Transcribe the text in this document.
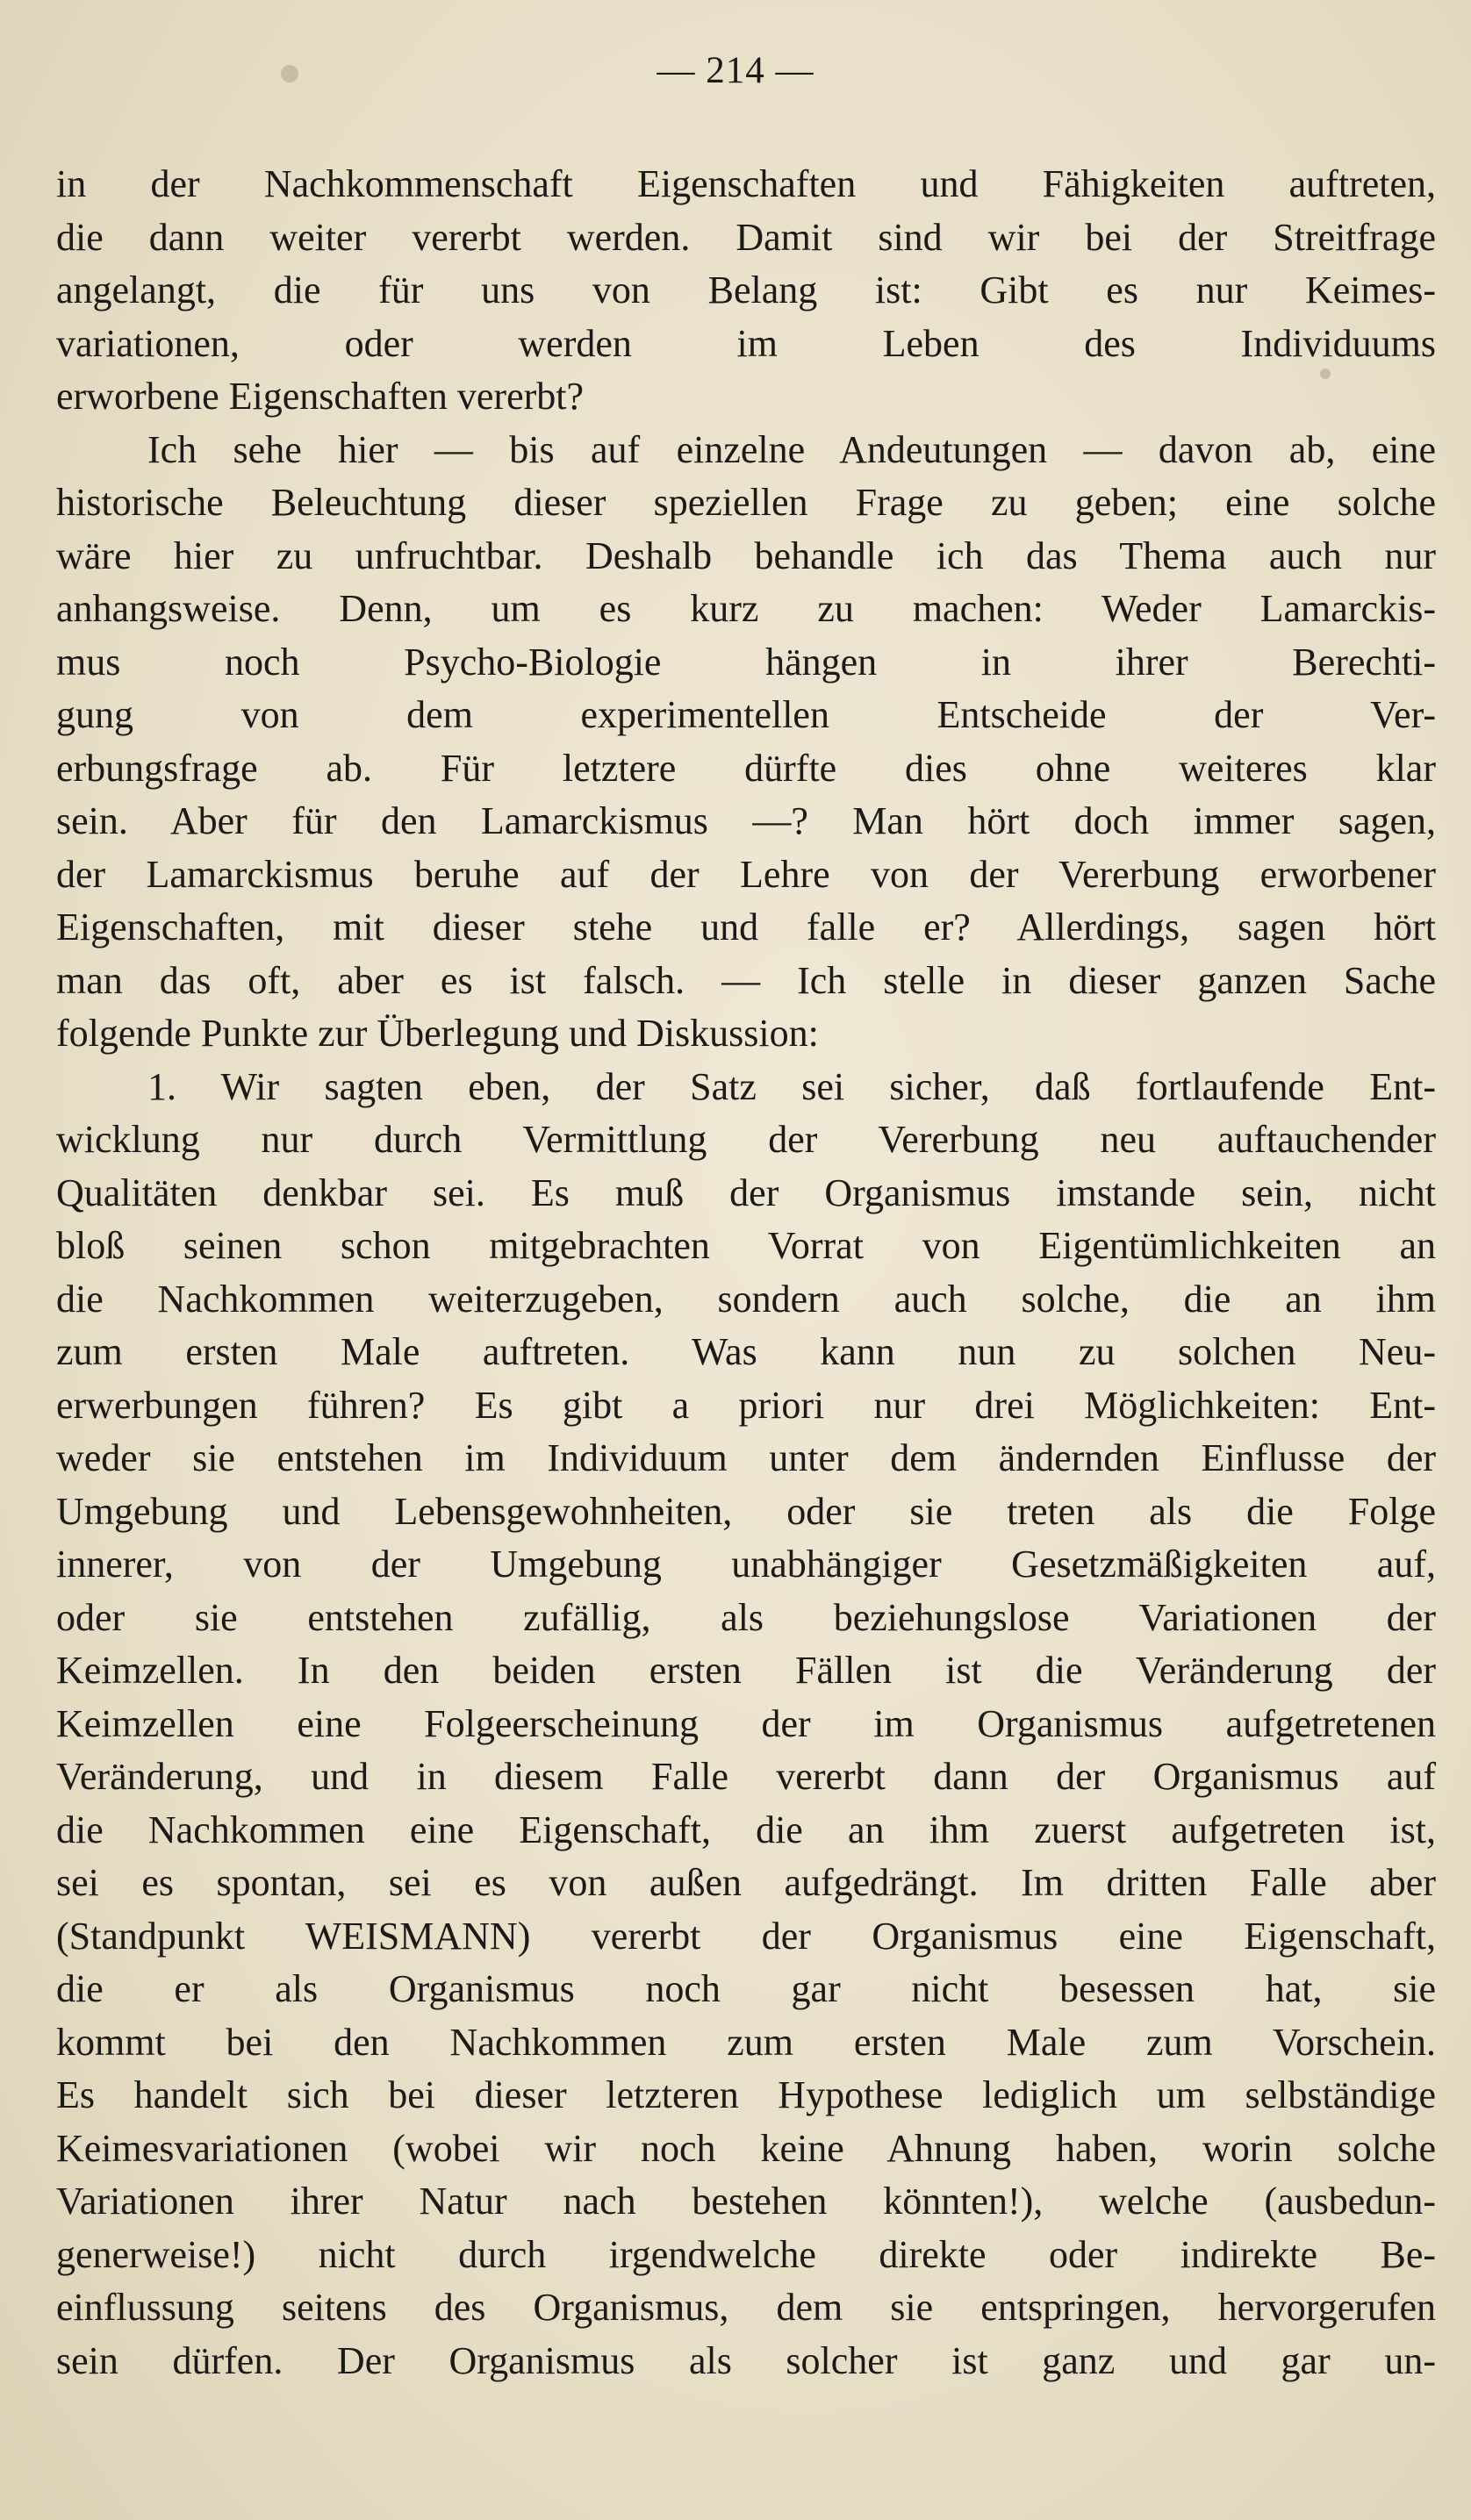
— 214 —
in der Nachkommenschaft Eigenschaften und Fähigkeiten auftreten,
die dann weiter vererbt werden. Damit sind wir bei der Streitfrage
angelangt, die für uns von Belang ist: Gibt es nur Keimes-
variationen, oder werden im Leben des Individuums
erworbene Eigenschaften vererbt?
Ich sehe hier — bis auf einzelne Andeutungen — davon ab, eine
historische Beleuchtung dieser speziellen Frage zu geben; eine solche
wäre hier zu unfruchtbar. Deshalb behandle ich das Thema auch nur
anhangsweise. Denn, um es kurz zu machen: Weder Lamarckis-
mus noch Psycho-Biologie hängen in ihrer Berechti-
gung von dem experimentellen Entscheide der Ver-
erbungsfrage ab. Für letztere dürfte dies ohne weiteres klar
sein. Aber für den Lamarckismus —? Man hört doch immer sagen,
der Lamarckismus beruhe auf der Lehre von der Vererbung erworbener
Eigenschaften, mit dieser stehe und falle er? Allerdings, sagen hört
man das oft, aber es ist falsch. — Ich stelle in dieser ganzen Sache
folgende Punkte zur Überlegung und Diskussion:
1. Wir sagten eben, der Satz sei sicher, daß fortlaufende Ent-
wicklung nur durch Vermittlung der Vererbung neu auftauchender
Qualitäten denkbar sei. Es muß der Organismus imstande sein, nicht
bloß seinen schon mitgebrachten Vorrat von Eigentümlichkeiten an
die Nachkommen weiterzugeben, sondern auch solche, die an ihm
zum ersten Male auftreten. Was kann nun zu solchen Neu-
erwerbungen führen? Es gibt a priori nur drei Möglichkeiten: Ent-
weder sie entstehen im Individuum unter dem ändernden Einflusse der
Umgebung und Lebensgewohnheiten, oder sie treten als die Folge
innerer, von der Umgebung unabhängiger Gesetzmäßigkeiten auf,
oder sie entstehen zufällig, als beziehungslose Variationen der
Keimzellen. In den beiden ersten Fällen ist die Veränderung der
Keimzellen eine Folgeerscheinung der im Organismus aufgetretenen
Veränderung, und in diesem Falle vererbt dann der Organismus auf
die Nachkommen eine Eigenschaft, die an ihm zuerst aufgetreten ist,
sei es spontan, sei es von außen aufgedrängt. Im dritten Falle aber
(Standpunkt WEISMANN) vererbt der Organismus eine Eigenschaft,
die er als Organismus noch gar nicht besessen hat, sie
kommt bei den Nachkommen zum ersten Male zum Vorschein.
Es handelt sich bei dieser letzteren Hypothese lediglich um selbständige
Keimesvariationen (wobei wir noch keine Ahnung haben, worin solche
Variationen ihrer Natur nach bestehen könnten!), welche (ausbedun-
generweise!) nicht durch irgendwelche direkte oder indirekte Be-
einflussung seitens des Organismus, dem sie entspringen, hervorgerufen
sein dürfen. Der Organismus als solcher ist ganz und gar un-
